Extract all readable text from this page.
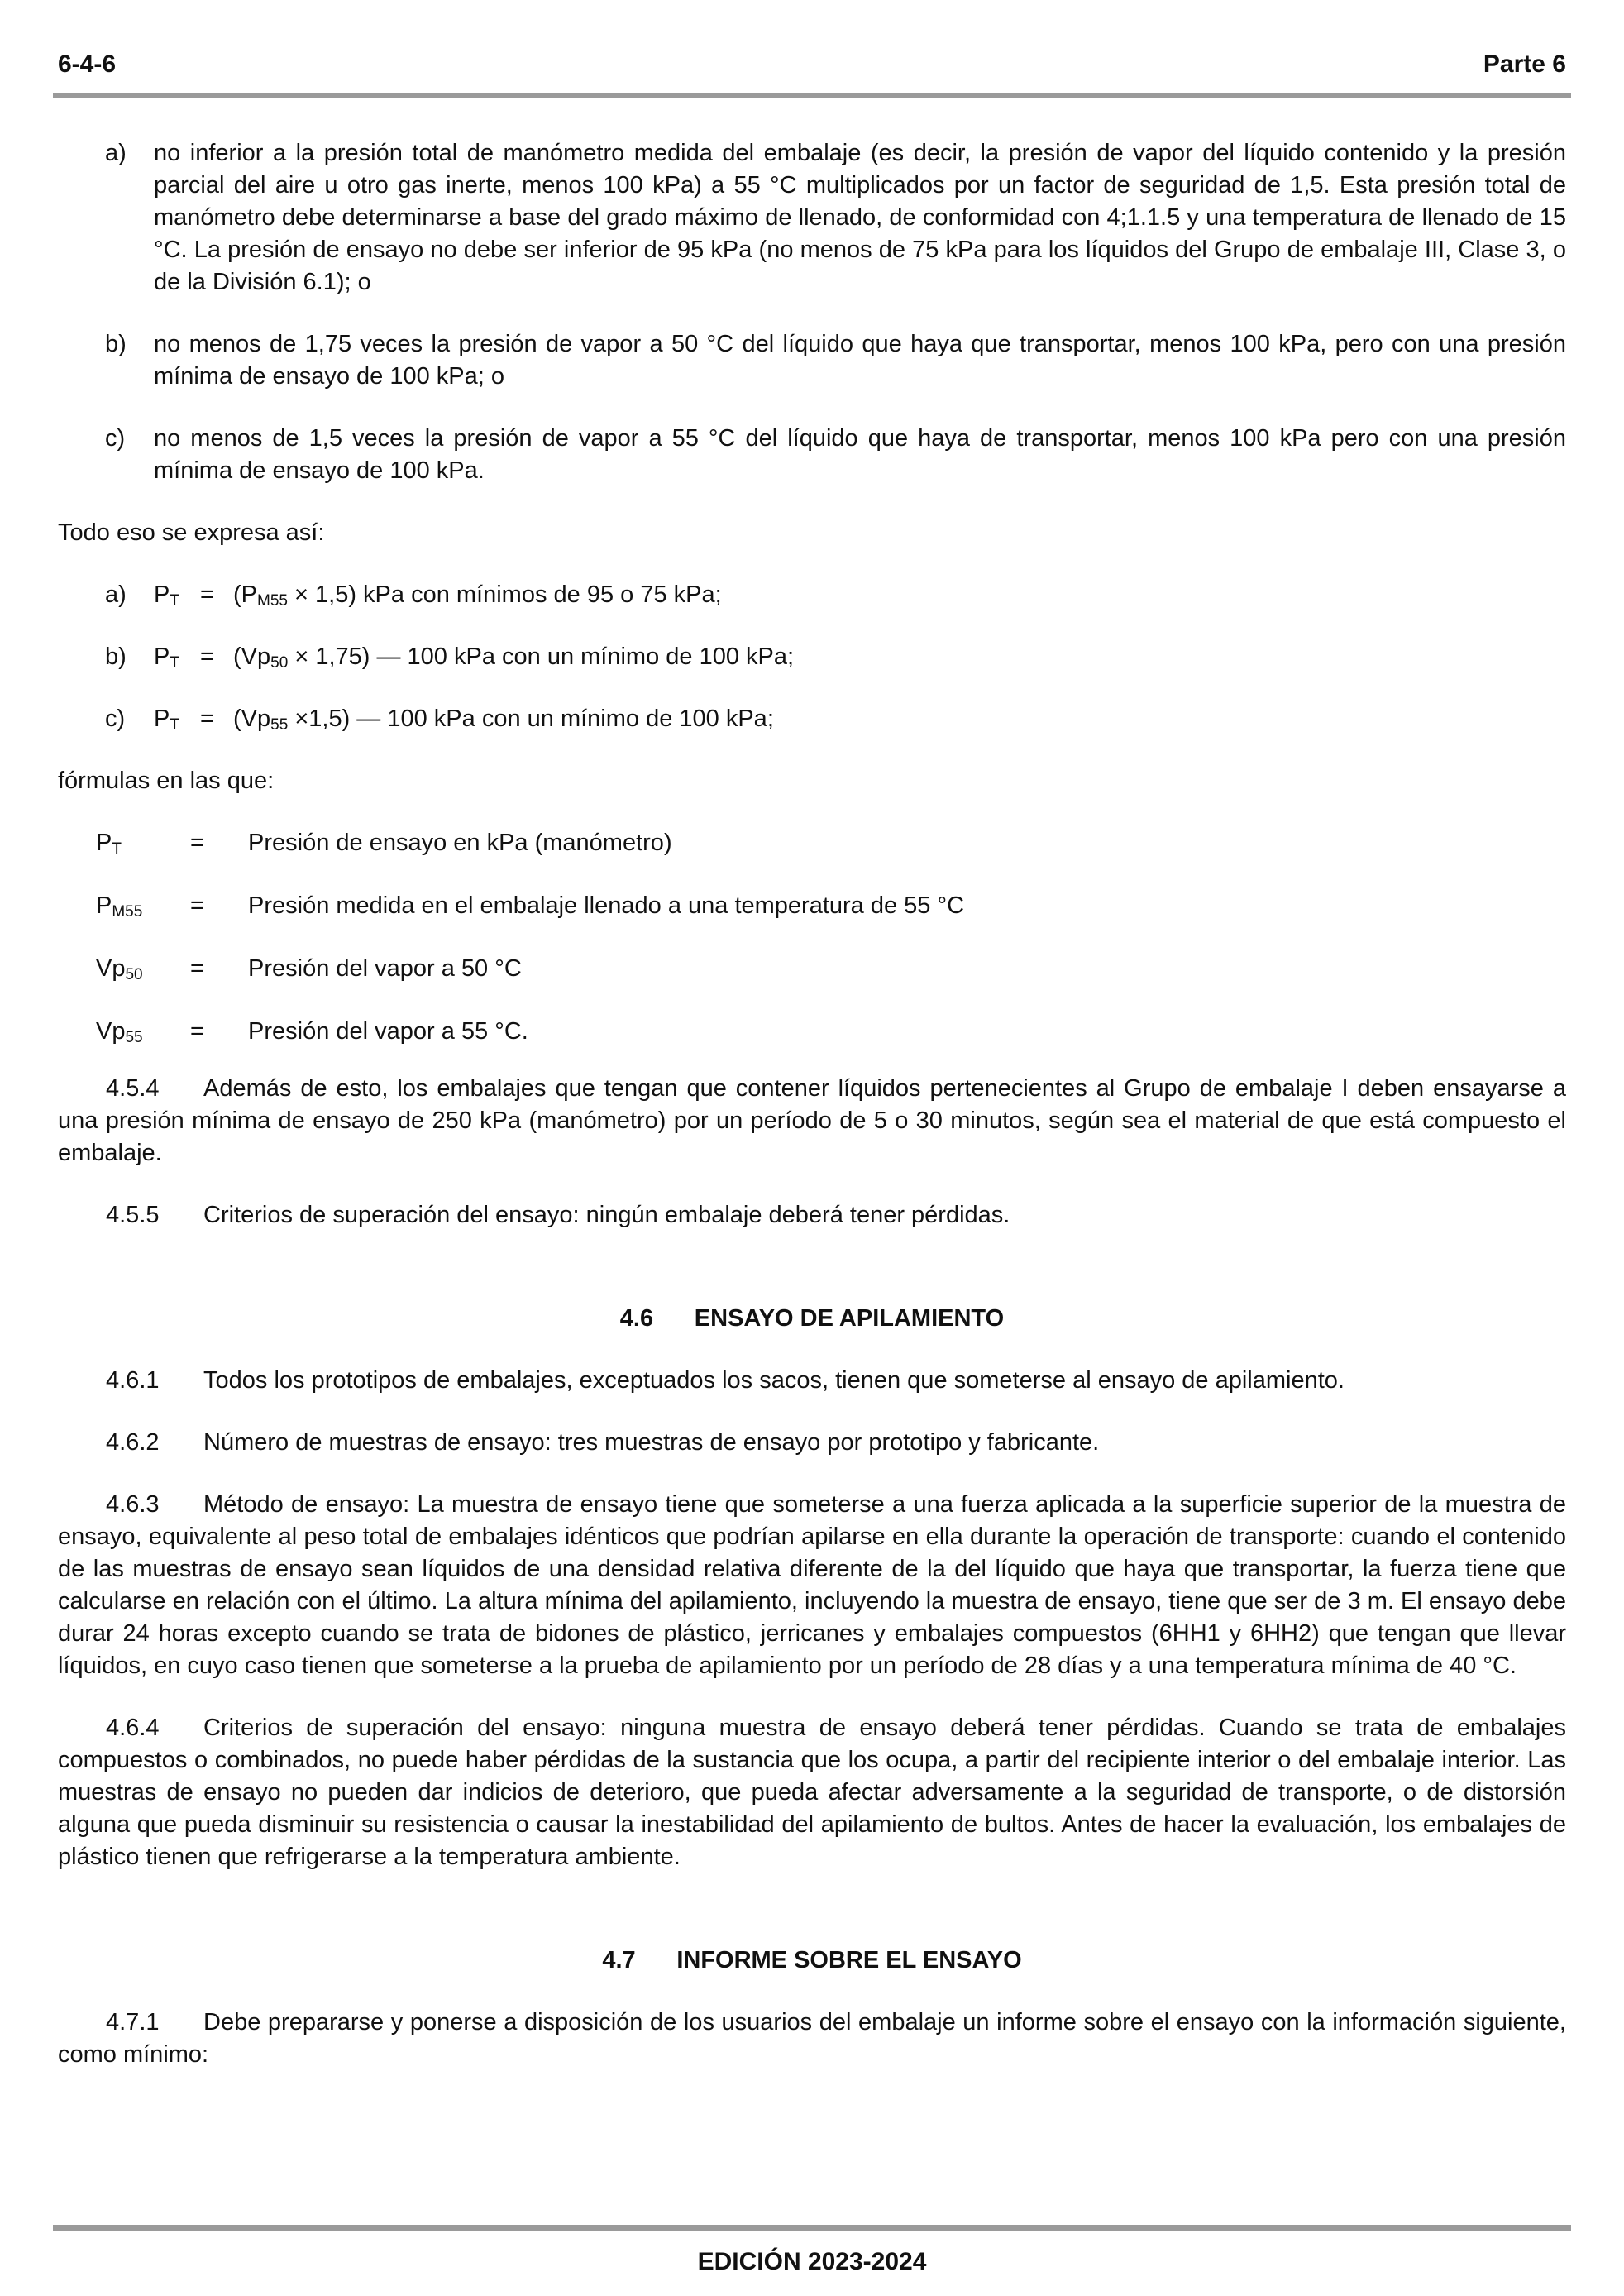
6-4-6	Parte 6
a) no inferior a la presión total de manómetro medida del embalaje (es decir, la presión de vapor del líquido contenido y la presión parcial del aire u otro gas inerte, menos 100 kPa) a 55 °C multiplicados por un factor de seguridad de 1,5. Esta presión total de manómetro debe determinarse a base del grado máximo de llenado, de conformidad con 4;1.1.5 y una temperatura de llenado de 15 °C. La presión de ensayo no debe ser inferior de 95 kPa (no menos de 75 kPa para los líquidos del Grupo de embalaje III, Clase 3, o de la División 6.1); o
b) no menos de 1,75 veces la presión de vapor a 50 °C del líquido que haya que transportar, menos 100 kPa, pero con una presión mínima de ensayo de 100 kPa; o
c) no menos de 1,5 veces la presión de vapor a 55 °C del líquido que haya de transportar, menos 100 kPa pero con una presión mínima de ensayo de 100 kPa.
Todo eso se expresa así:
a) $P_T = (P_{M55} \times 1,5)$ kPa con mínimos de 95 o 75 kPa;
b) $P_T = (Vp_{50} \times 1,75)$ — 100 kPa con un mínimo de 100 kPa;
c) $P_T = (Vp_{55} \times 1,5)$ — 100 kPa con un mínimo de 100 kPa;
fórmulas en las que:
$P_T$	= Presión de ensayo en kPa (manómetro)
$P_{M55}$ = Presión medida en el embalaje llenado a una temperatura de 55 °C
$Vp_{50}$ = Presión del vapor a 50 °C
$Vp_{55}$ = Presión del vapor a 55 °C.
4.5.4 Además de esto, los embalajes que tengan que contener líquidos pertenecientes al Grupo de embalaje I deben ensayarse a una presión mínima de ensayo de 250 kPa (manómetro) por un período de 5 o 30 minutos, según sea el material de que está compuesto el embalaje.
4.5.5 Criterios de superación del ensayo: ningún embalaje deberá tener pérdidas.
4.6 ENSAYO DE APILAMIENTO
4.6.1 Todos los prototipos de embalajes, exceptuados los sacos, tienen que someterse al ensayo de apilamiento.
4.6.2 Número de muestras de ensayo: tres muestras de ensayo por prototipo y fabricante.
4.6.3 Método de ensayo: La muestra de ensayo tiene que someterse a una fuerza aplicada a la superficie superior de la muestra de ensayo, equivalente al peso total de embalajes idénticos que podrían apilarse en ella durante la operación de transporte: cuando el contenido de las muestras de ensayo sean líquidos de una densidad relativa diferente de la del líquido que haya que transportar, la fuerza tiene que calcularse en relación con el último. La altura mínima del apilamiento, incluyendo la muestra de ensayo, tiene que ser de 3 m. El ensayo debe durar 24 horas excepto cuando se trata de bidones de plástico, jerricanes y embalajes compuestos (6HH1 y 6HH2) que tengan que llevar líquidos, en cuyo caso tienen que someterse a la prueba de apilamiento por un período de 28 días y a una temperatura mínima de 40 °C.
4.6.4 Criterios de superación del ensayo: ninguna muestra de ensayo deberá tener pérdidas. Cuando se trata de embalajes compuestos o combinados, no puede haber pérdidas de la sustancia que los ocupa, a partir del recipiente interior o del embalaje interior. Las muestras de ensayo no pueden dar indicios de deterioro, que pueda afectar adversamente a la seguridad de transporte, o de distorsión alguna que pueda disminuir su resistencia o causar la inestabilidad del apilamiento de bultos. Antes de hacer la evaluación, los embalajes de plástico tienen que refrigerarse a la temperatura ambiente.
4.7 INFORME SOBRE EL ENSAYO
4.7.1 Debe prepararse y ponerse a disposición de los usuarios del embalaje un informe sobre el ensayo con la información siguiente, como mínimo:
EDICIÓN 2023-2024
